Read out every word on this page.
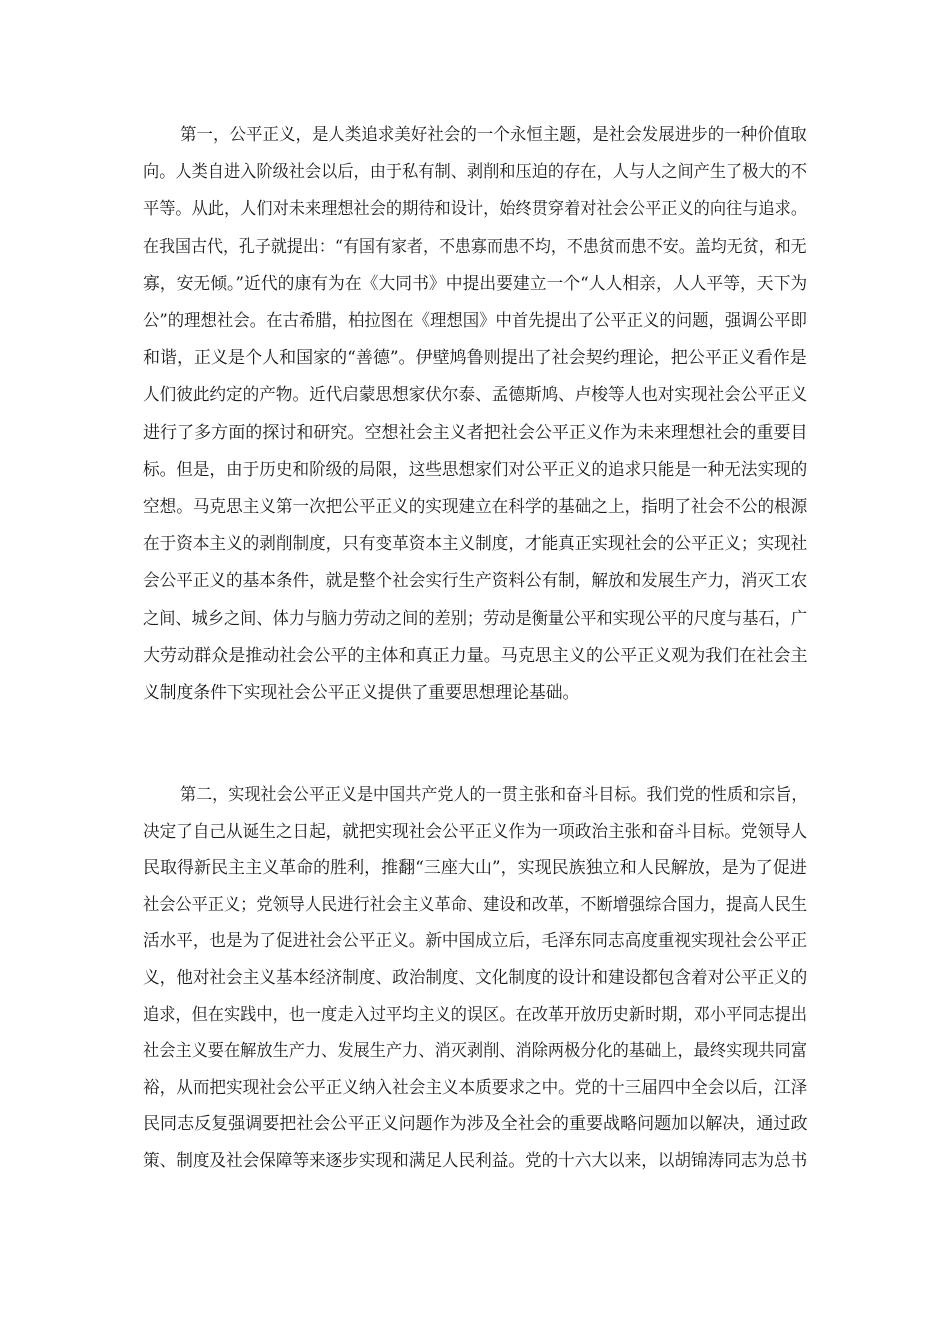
第一，公平正义，是人类追求美好社会的一个永恒主题，是社会发展进步的一种价值取

向。人类自进入阶级社会以后，由于私有制、剥削和压迫的存在，人与人之间产生了极大的不

平等。从此，人们对未来理想社会的期待和设计，始终贯穿着对社会公平正义的向往与追求。

在我国古代，孔子就提出：“有国有家者，不患寡而患不均，不患贫而患不安。盖均无贫，和无

寡，安无倾。”近代的康有为在《大同书》中提出要建立一个“人人相亲，人人平等，天下为

公”的理想社会。在古希腊，柏拉图在《理想国》中首先提出了公平正义的问题，强调公平即

和谐，正义是个人和国家的“善德”。伊壁鸠鲁则提出了社会契约理论，把公平正义看作是

人们彼此约定的产物。近代启蒙思想家伏尔泰、孟德斯鸠、卢梭等人也对实现社会公平正义

进行了多方面的探讨和研究。空想社会主义者把社会公平正义作为未来理想社会的重要目

标。但是，由于历史和阶级的局限，这些思想家们对公平正义的追求只能是一种无法实现的

空想。马克思主义第一次把公平正义的实现建立在科学的基础之上，指明了社会不公的根源

在于资本主义的剥削制度，只有变革资本主义制度，才能真正实现社会的公平正义；实现社

会公平正义的基本条件，就是整个社会实行生产资料公有制，解放和发展生产力，消灭工农

之间、城乡之间、体力与脑力劳动之间的差别；劳动是衡量公平和实现公平的尺度与基石，广

大劳动群众是推动社会公平的主体和真正力量。马克思主义的公平正义观为我们在社会主

义制度条件下实现社会公平正义提供了重要思想理论基础。

第二，实现社会公平正义是中国共产党人的一贯主张和奋斗目标。我们党的性质和宗旨，

决定了自己从诞生之日起，就把实现社会公平正义作为一项政治主张和奋斗目标。党领导人

民取得新民主主义革命的胜利，推翻“三座大山”，实现民族独立和人民解放，是为了促进

社会公平正义；党领导人民进行社会主义革命、建设和改革，不断增强综合国力，提高人民生

活水平，也是为了促进社会公平正义。新中国成立后，毛泽东同志高度重视实现社会公平正

义，他对社会主义基本经济制度、政治制度、文化制度的设计和建设都包含着对公平正义的

追求，但在实践中，也一度走入过平均主义的误区。在改革开放历史新时期，邓小平同志提出

社会主义要在解放生产力、发展生产力、消灭剥削、消除两极分化的基础上，最终实现共同富

裕，从而把实现社会公平正义纳入社会主义本质要求之中。党的十三届四中全会以后，江泽

民同志反复强调要把社会公平正义问题作为涉及全社会的重要战略问题加以解决，通过政

策、制度及社会保障等来逐步实现和满足人民利益。党的十六大以来，以胡锦涛同志为总书
